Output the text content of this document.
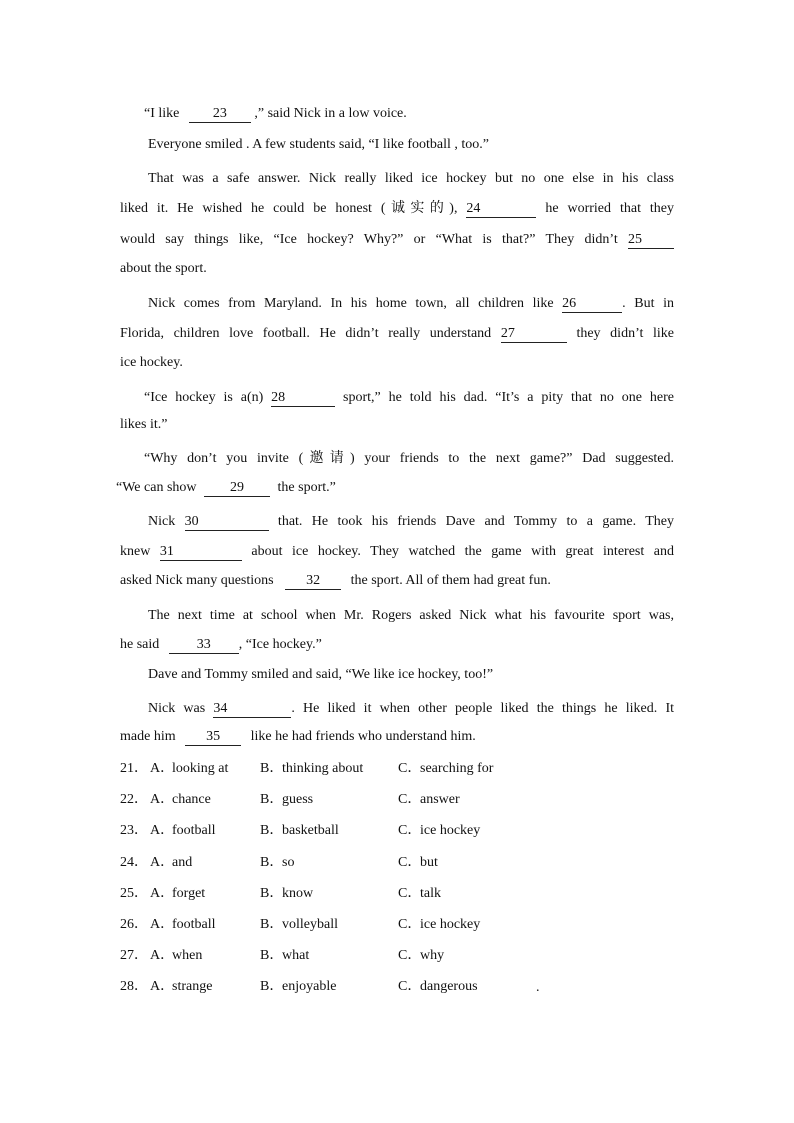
“I like 23 ,” said Nick in a low voice.
Everyone smiled . A few students said, “I like football , too.”
That was a safe answer. Nick really liked ice hockey but no one else in his class
liked it. He wished he could be honest (诚实的), 24	he worried that they
would say things like, “Ice hockey? Why?” or “What is that?” They didn’t 25
about the sport.
Nick comes from Maryland. In his home town, all children like 26	. But in
Florida, children love football. He didn’t really understand 27	they didn’t like
ice hockey.
“Ice hockey is a(n) 28	sport,” he told his dad. “It’s a pity that no one here
likes it.”
“Why don’t you invite (邀请) your friends to the next game?” Dad suggested.
“We can show 29 the sport.”
Nick 30	that. He took his friends Dave and Tommy to a game. They
knew 31	about ice hockey. They watched the game with great interest and
asked Nick many questions 32 the sport. All of them had great fun.
The next time at school when Mr. Rogers asked Nick what his favourite sport was,
he said 33 , “Ice hockey.”
Dave and Tommy smiled and said, “We like ice hockey, too!”
Nick was 34	. He liked it when other people liked the things he liked. It
made him 35 like he had friends who understand him.
21． A．looking at B．thinking about C．searching for
22． A．chance	B．guess	C．answer
23． A．football	B．basketball	C．ice hockey
24． A．and	B．so	C．but
25． A．forget	B．know	C．talk
26． A．football	B．volleyball	C．ice hockey
27． A．when	B．what	C．why
28． A．strange	B．enjoyable	C．dangerous	.
